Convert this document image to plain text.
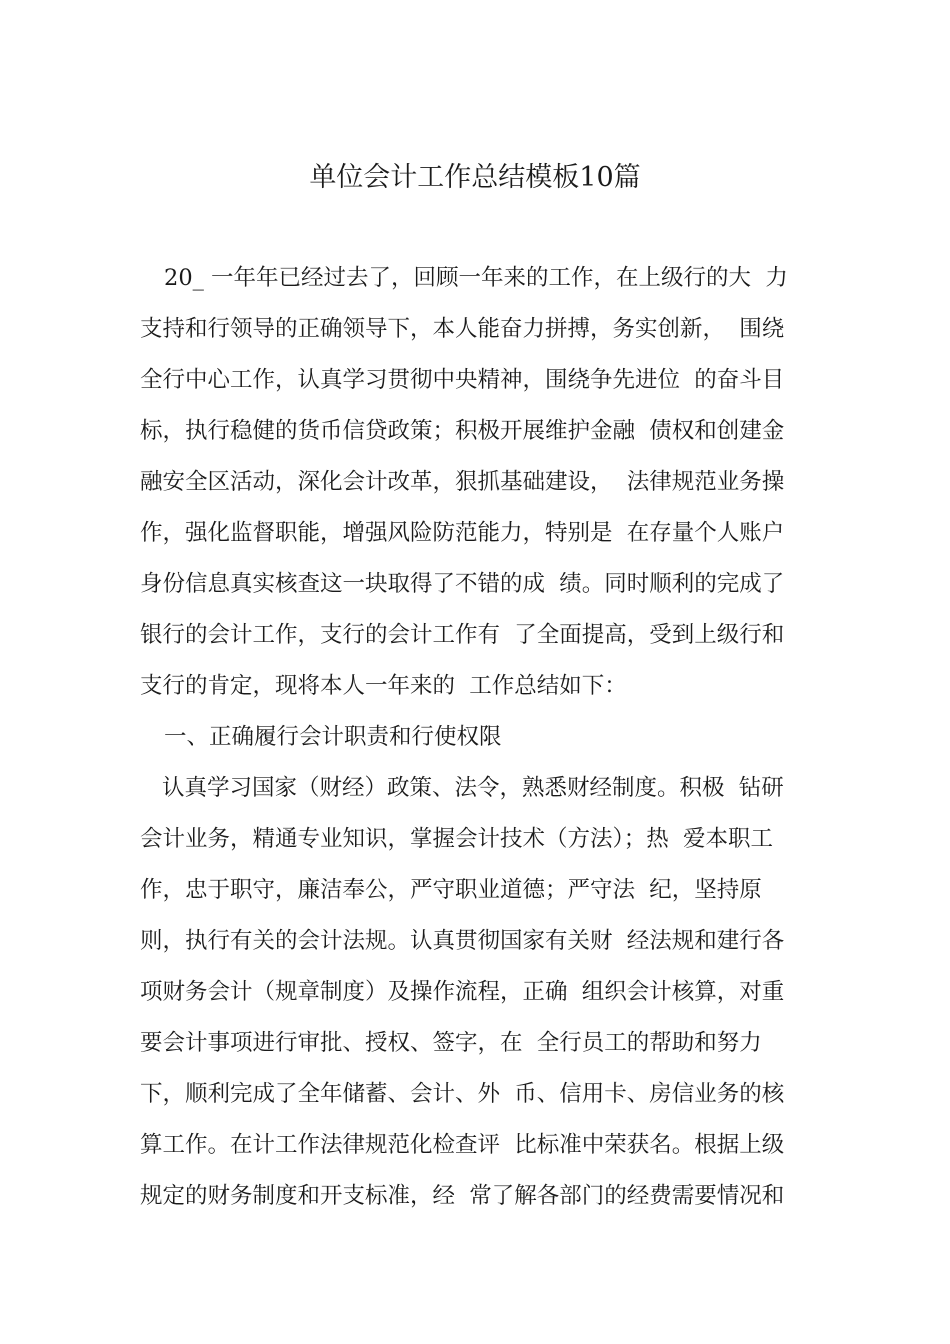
单位会计工作总结模板10篇
20_ 一年年已经过去了，回顾一年来的工作，在上级行的大  力
支持和行领导的正确领导下，本人能奋力拼搏，务实创新，  围绕
全行中心工作，认真学习贯彻中央精神，围绕争先进位  的奋斗目
标，执行稳健的货币信贷政策；积极开展维护金融  债权和创建金
融安全区活动，深化会计改革，狠抓基础建设，  法律规范业务操
作，强化监督职能，增强风险防范能力，特别是  在存量个人账户
身份信息真实核查这一块取得了不错的成  绩。同时顺利的完成了
银行的会计工作，支行的会计工作有  了全面提高，受到上级行和
支行的肯定，现将本人一年来的  工作总结如下：
一、正确履行会计职责和行使权限
认真学习国家（财经）政策、法令，熟悉财经制度。积极  钻研
会计业务，精通专业知识，掌握会计技术（方法）；热  爱本职工
作，忠于职守，廉洁奉公，严守职业道德；严守法  纪，坚持原
则，执行有关的会计法规。认真贯彻国家有关财  经法规和建行各
项财务会计（规章制度）及操作流程，正确  组织会计核算，对重
要会计事项进行审批、授权、签字，在  全行员工的帮助和努力
下，顺利完成了全年储蓄、会计、外  币、信用卡、房信业务的核
算工作。在计工作法律规范化检查评  比标准中荣获名。根据上级
规定的财务制度和开支标准，经  常了解各部门的经费需要情况和
